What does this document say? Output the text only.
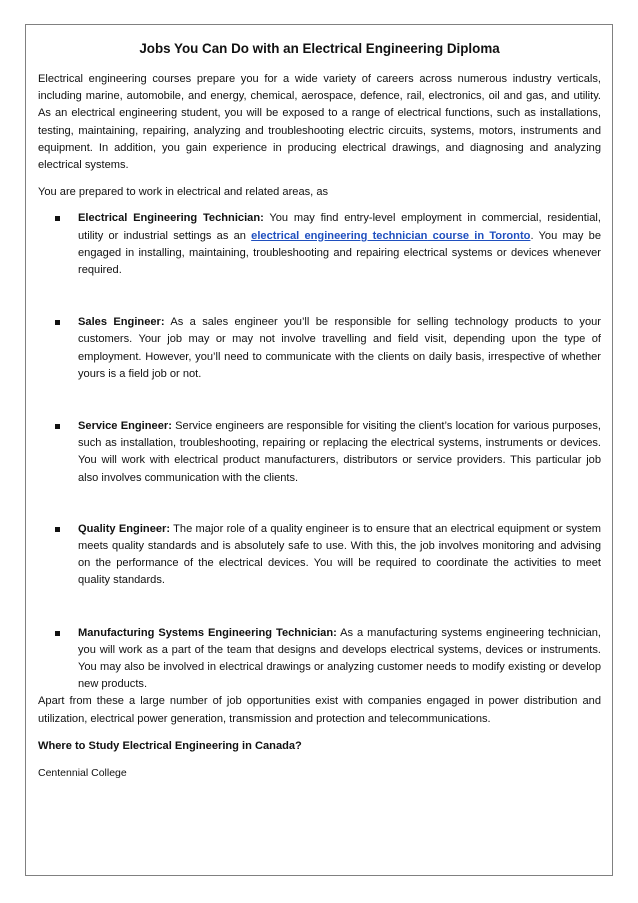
Jobs You Can Do with an Electrical Engineering Diploma

Electrical engineering courses prepare you for a wide variety of careers across numerous industry verticals, including marine, automobile, and energy, chemical, aerospace, defence, rail, electronics, oil and gas, and utility. As an electrical engineering student, you will be exposed to a range of electrical functions, such as installations, testing, maintaining, repairing, analyzing and troubleshooting electric circuits, systems, motors, instruments and equipment. In addition, you gain experience in producing electrical drawings, and diagnosing and analyzing electrical systems.

You are prepared to work in electrical and related areas, as

Electrical Engineering Technician: You may find entry-level employment in commercial, residential, utility or industrial settings as an electrical engineering technician course in Toronto. You may be engaged in installing, maintaining, troubleshooting and repairing electrical systems or devices whenever required.
Sales Engineer: As a sales engineer you’ll be responsible for selling technology products to your customers. Your job may or may not involve travelling and field visit, depending upon the type of employment. However, you’ll need to communicate with the clients on daily basis, irrespective of whether yours is a field job or not.
Service Engineer: Service engineers are responsible for visiting the client’s location for various purposes, such as installation, troubleshooting, repairing or replacing the electrical systems, instruments or devices. You will work with electrical product manufacturers, distributors or service providers. This particular job also involves communication with the clients.
Quality Engineer: The major role of a quality engineer is to ensure that an electrical equipment or system meets quality standards and is absolutely safe to use. With this, the job involves monitoring and advising on the performance of the electrical devices. You will be required to coordinate the activities to meet quality standards.
Manufacturing Systems Engineering Technician: As a manufacturing systems engineering technician, you will work as a part of the team that designs and develops electrical systems, devices or instruments. You may also be involved in electrical drawings or analyzing customer needs to modify existing or develop new products.

Apart from these a large number of job opportunities exist with companies engaged in power distribution and utilization, electrical power generation, transmission and protection and telecommunications.

Where to Study Electrical Engineering in Canada?

Centennial College
